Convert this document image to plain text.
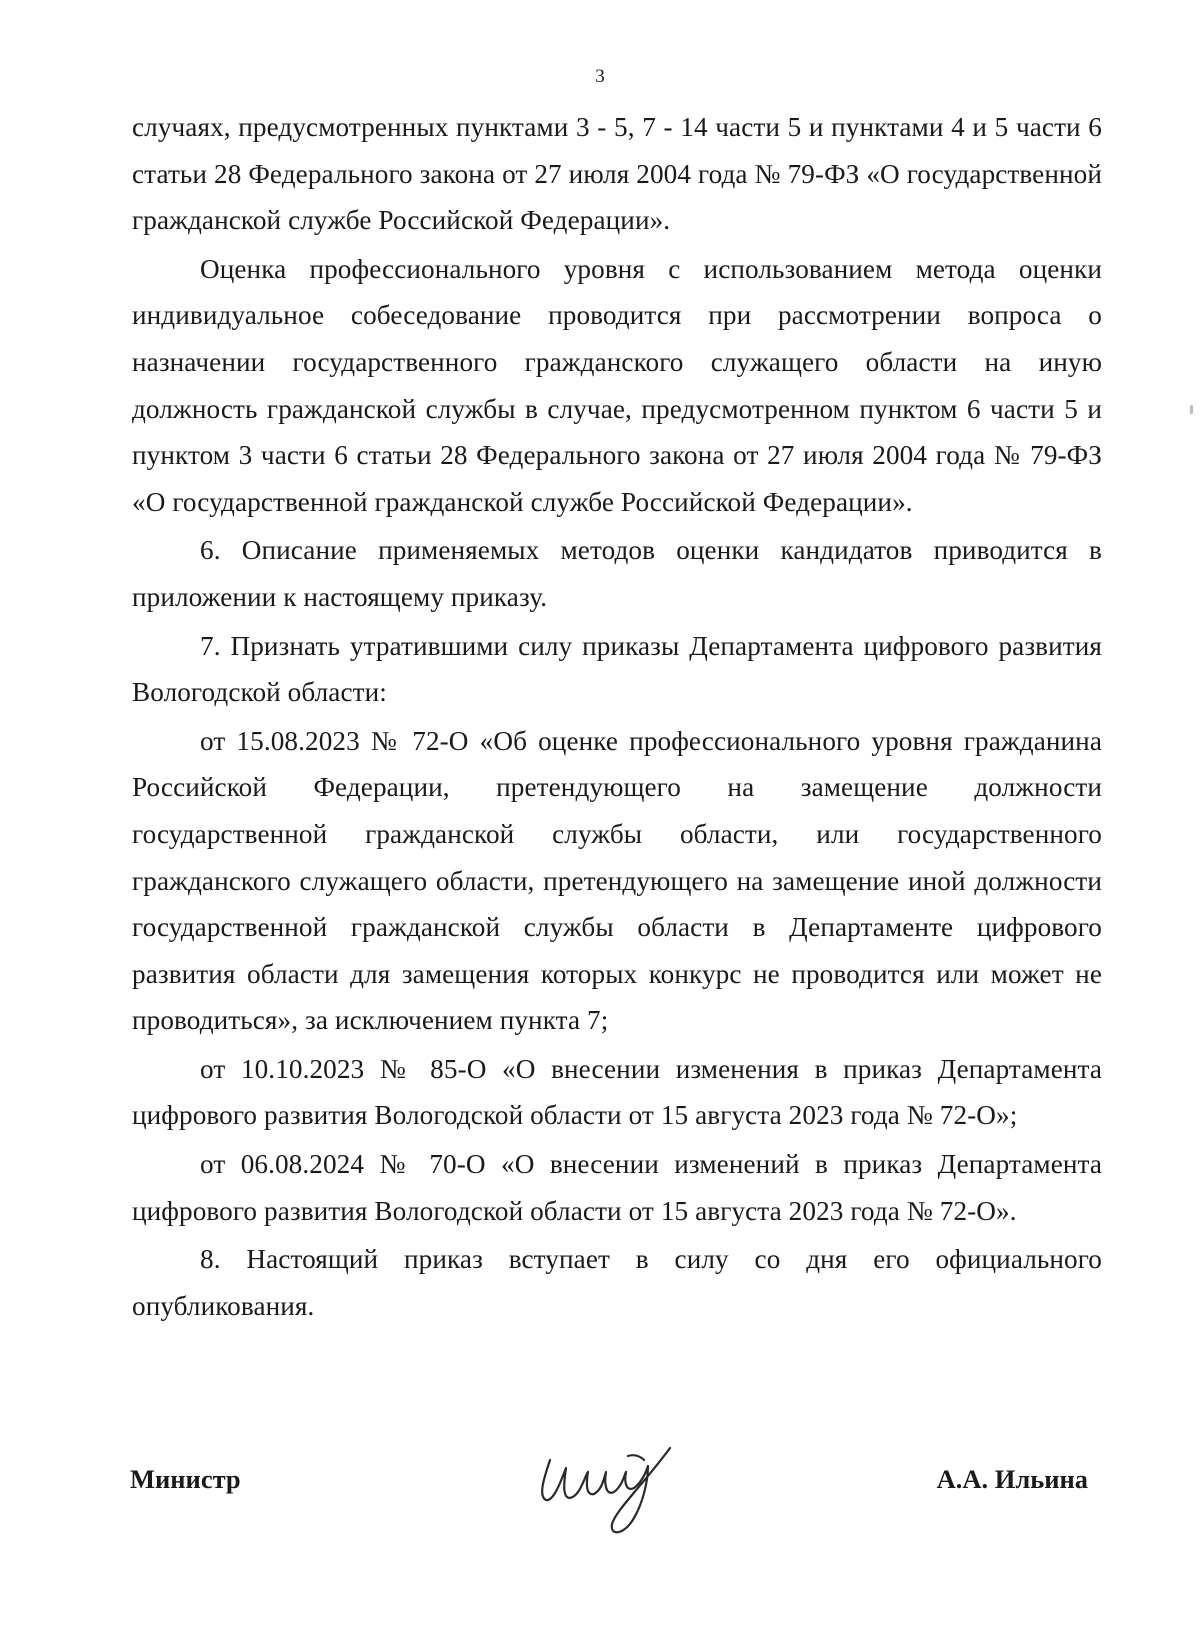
3

случаях, предусмотренных пунктами 3 - 5, 7 - 14 части 5 и пунктами 4 и 5 части 6 статьи 28 Федерального закона от 27 июля 2004 года № 79-ФЗ «О государственной гражданской службе Российской Федерации».

Оценка профессионального уровня с использованием метода оценки индивидуальное собеседование проводится при рассмотрении вопроса о назначении государственного гражданского служащего области на иную должность гражданской службы в случае, предусмотренном пунктом 6 части 5 и пунктом 3 части 6 статьи 28 Федерального закона от 27 июля 2004 года № 79-ФЗ «О государственной гражданской службе Российской Федерации».

6. Описание применяемых методов оценки кандидатов приводится в приложении к настоящему приказу.

7. Признать утратившими силу приказы Департамента цифрового развития Вологодской области:

от 15.08.2023 № 72-О «Об оценке профессионального уровня гражданина Российской Федерации, претендующего на замещение должности государственной гражданской службы области, или государственного гражданского служащего области, претендующего на замещение иной должности государственной гражданской службы области в Департаменте цифрового развития области для замещения которых конкурс не проводится или может не проводиться», за исключением пункта 7;

от 10.10.2023 № 85-О «О внесении изменения в приказ Департамента цифрового развития Вологодской области от 15 августа 2023 года № 72-О»;

от 06.08.2024 № 70-О «О внесении изменений в приказ Департамента цифрового развития Вологодской области от 15 августа 2023 года № 72-О».

8. Настоящий приказ вступает в силу со дня его официального опубликования.

Министр	А.А. Ильина
